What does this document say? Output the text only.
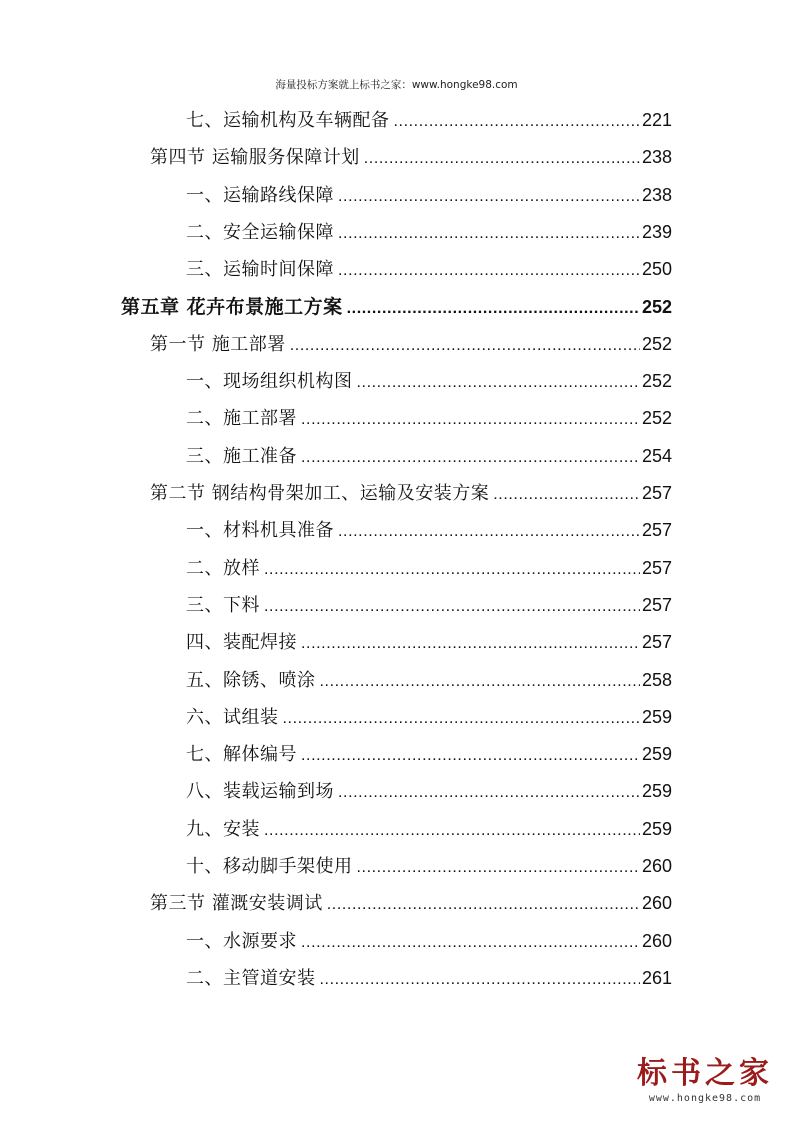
海量投标方案就上标书之家：www.hongke98.com
七、运输机构及车辆配备 .....	221
第四节 运输服务保障计划 .....	238
一、运输路线保障 .....	238
二、安全运输保障 .....	239
三、运输时间保障 .....	250
第五章 花卉布景施工方案 .....	252
第一节 施工部署 .....	252
一、现场组织机构图 .....	252
二、施工部署 .....	252
三、施工准备 .....	254
第二节 钢结构骨架加工、运输及安装方案 .....	257
一、材料机具准备 .....	257
二、放样 .....	257
三、下料 .....	257
四、装配焊接 .....	257
五、除锈、喷涂 .....	258
六、试组装 .....	259
七、解体编号 .....	259
八、装载运输到场 .....	259
九、安装 .....	259
十、移动脚手架使用 .....	260
第三节 灌溉安装调试 .....	260
一、水源要求 .....	260
二、主管道安装 .....	261
标书之家
www.hongke98.com
